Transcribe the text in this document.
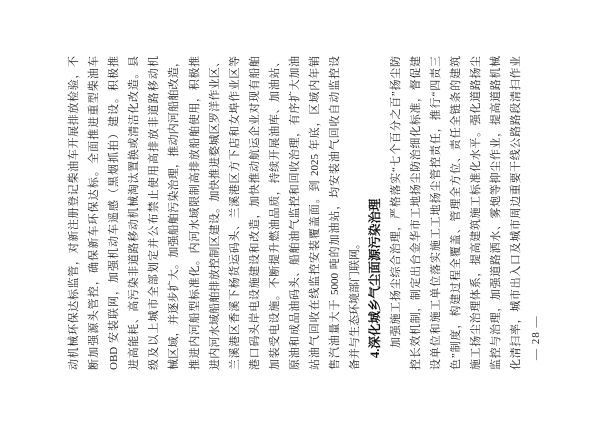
动机械环保达标监管，对新注册登记柴油车开展排放检验，不 断加强源头管控，确保新车环保达标。全面推进重型柴油车 OBD 安装联网，加强机动车遥感（黑烟抓拍）建设。积极推 进高能耗、高污染非道路移动机械淘汰置换或清洁化改造。县 级及以上城市全部划定并公布禁止使用高排放非道路移动机 械区域，并逐步扩大。加强船舶污染治理，推动内河船舶改造， 推进内河船型标准化。内河水域限制高排放船舶使用，积极推 进内河水域船舶排放控制区建设。加快推进婺城区罗洋作业区、 兰溪港区香溪下杨货运码头、兰溪港区方下店和女埠作业区等 港口码头岸电设施建设和改造，加快推动航运企业对现有船舶 加装受电设施。不断提升燃油品质，持续开展油库、加油站、 原油和成品油码头、船舶油气监控和回收治理，有序扩大加油 站油气回收在线监控安装覆盖面。到 2025 年底，区域内年销 售汽油量大于 5000 吨的加油站，均安装油气回收自动监控设 备并与生态环境部门联网。 4.深化城乡气尘面源污染治理 加强施工扬尘综合治理，严格落实“七个百分之百”扬尘防 控长效机制，制定出台金华市工地扬尘防治细化标准，督促建 设单位和施工单位落实施工工地扬尘管控责任，推行“四责三 色”制度，构建过程全覆盖、管理全方位、责任全链条的建筑 施工扬尘治理体系，提高建筑施工标准化水平。强化道路扬尘 监控与治理，加强道路洒水、雾炮等抑尘作业，提高道路机械 化清扫率，城市出入口及城市周边重要干线公路路段清扫作业 — 28 —
